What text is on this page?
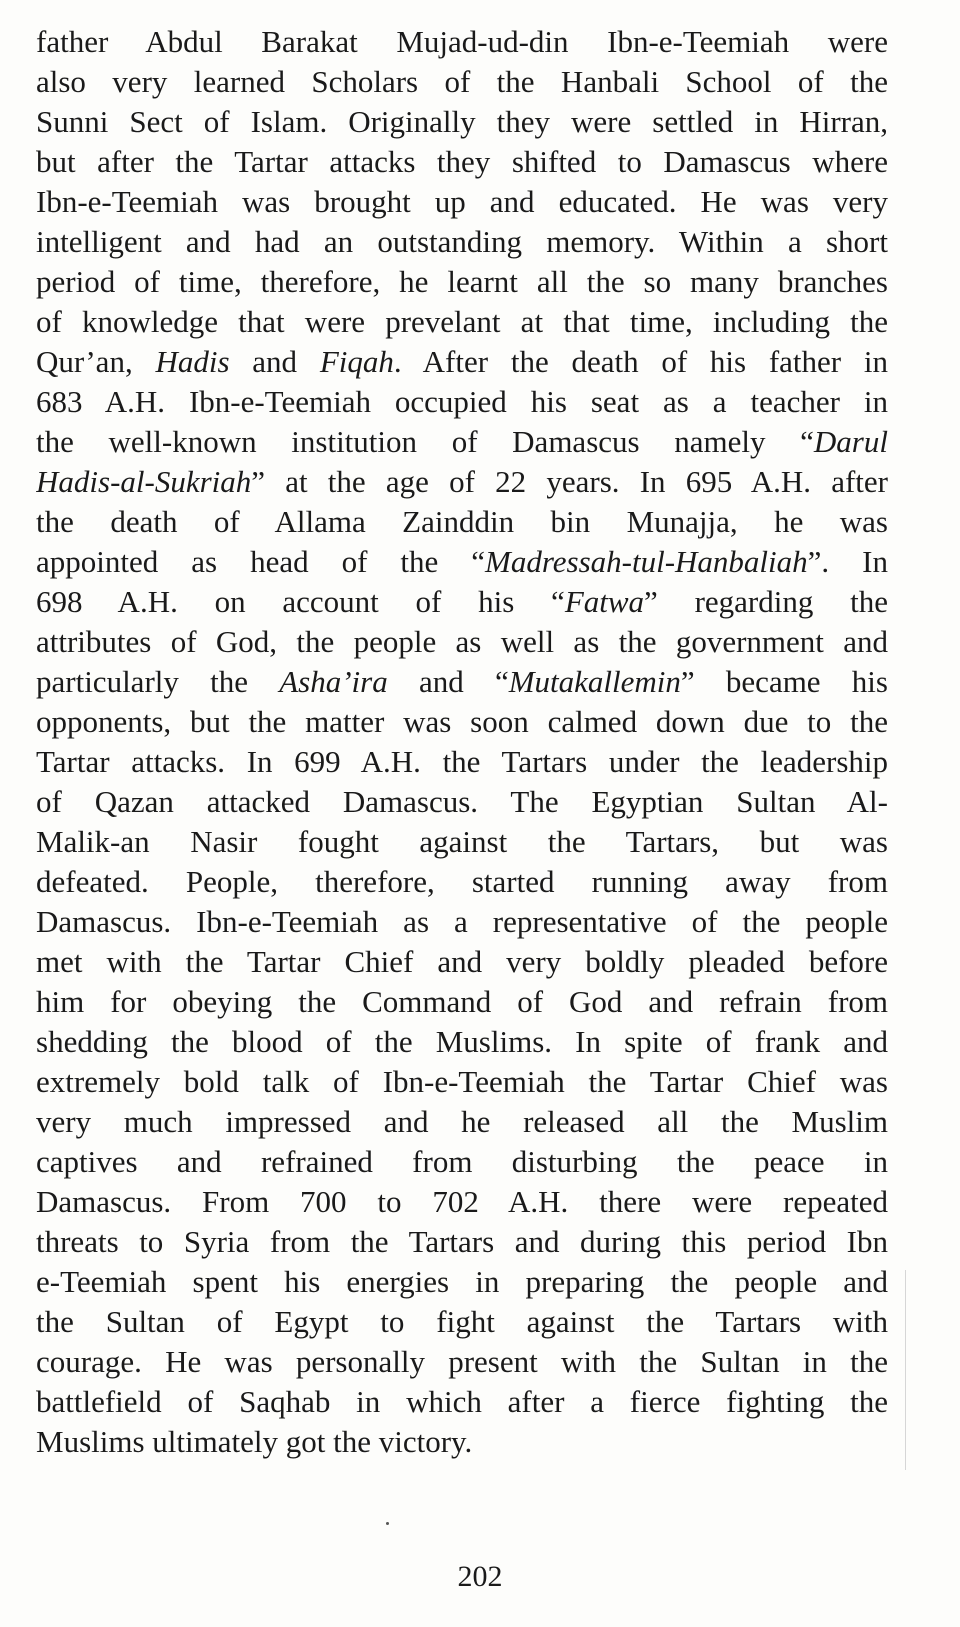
father Abdul Barakat Mujad-ud-din Ibn-e-Teemiah were
also very learned Scholars of the Hanbali School of the
Sunni Sect of Islam. Originally they were settled in Hirran,
but after the Tartar attacks they shifted to Damascus where
Ibn-e-Teemiah was brought up and educated. He was very
intelligent and had an outstanding memory. Within a short
period of time, therefore, he learnt all the so many branches
of knowledge that were prevelant at that time, including the
Qur’an, Hadis and Fiqah. After the death of his father in
683 A.H. Ibn-e-Teemiah occupied his seat as a teacher in
the well-known institution of Damascus namely “Darul
Hadis-al-Sukriah” at the age of 22 years. In 695 A.H. after
the death of Allama Zainddin bin Munajja, he was
appointed as head of the “Madressah-tul-Hanbaliah”. In
698 A.H. on account of his “Fatwa” regarding the
attributes of God, the people as well as the government and
particularly the Asha’ira and “Mutakallemin” became his
opponents, but the matter was soon calmed down due to the
Tartar attacks. In 699 A.H. the Tartars under the leadership
of Qazan attacked Damascus. The Egyptian Sultan Al-
Malik-an Nasir fought against the Tartars, but was
defeated. People, therefore, started running away from
Damascus. Ibn-e-Teemiah as a representative of the people
met with the Tartar Chief and very boldly pleaded before
him for obeying the Command of God and refrain from
shedding the blood of the Muslims. In spite of frank and
extremely bold talk of Ibn-e-Teemiah the Tartar Chief was
very much impressed and he released all the Muslim
captives and refrained from disturbing the peace in
Damascus. From 700 to 702 A.H. there were repeated
threats to Syria from the Tartars and during this period Ibn
e-Teemiah spent his energies in preparing the people and
the Sultan of Egypt to fight against the Tartars with
courage. He was personally present with the Sultan in the
battlefield of Saqhab in which after a fierce fighting the
Muslims ultimately got the victory.
202
